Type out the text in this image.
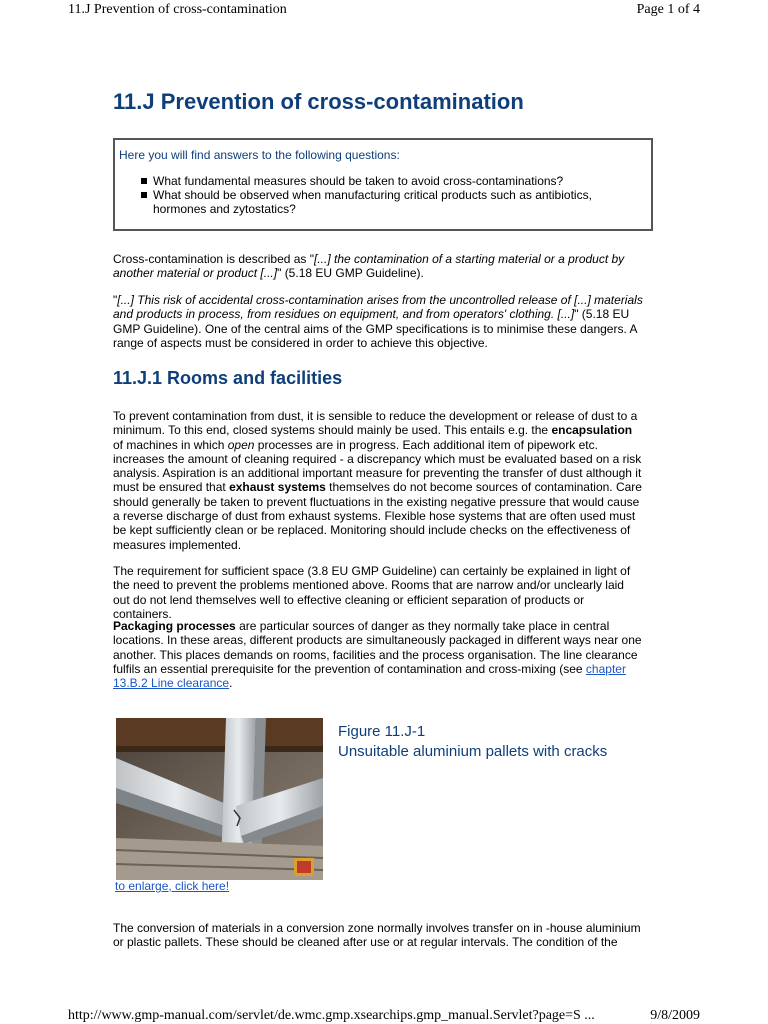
11.J Prevention of cross-contamination	Page 1 of 4
11.J Prevention of cross-contamination
Here you will find answers to the following questions:
What fundamental measures should be taken to avoid cross-contaminations?
What should be observed when manufacturing critical products such as antibiotics, hormones and zytostatics?

Cross-contamination is described as "[...] the contamination of a starting material or a product by another material or product [...]" (5.18 EU GMP Guideline).

"[...] This risk of accidental cross-contamination arises from the uncontrolled release of [...] materials and products in process, from residues on equipment, and from operators' clothing. [...]" (5.18 EU GMP Guideline). One of the central aims of the GMP specifications is to minimise these dangers. A range of aspects must be considered in order to achieve this objective.

11.J.1 Rooms and facilities

To prevent contamination from dust, it is sensible to reduce the development or release of dust to a minimum. To this end, closed systems should mainly be used. This entails e.g. the encapsulation of machines in which open processes are in progress. Each additional item of pipework etc. increases the amount of cleaning required - a discrepancy which must be evaluated based on a risk analysis. Aspiration is an additional important measure for preventing the transfer of dust although it must be ensured that exhaust systems themselves do not become sources of contamination. Care should generally be taken to prevent fluctuations in the existing negative pressure that would cause a reverse discharge of dust from exhaust systems. Flexible hose systems that are often used must be kept sufficiently clean or be replaced. Monitoring should include checks on the effectiveness of measures implemented.

The requirement for sufficient space (3.8 EU GMP Guideline) can certainly be explained in light of the need to prevent the problems mentioned above. Rooms that are narrow and/or unclearly laid out do not lend themselves well to effective cleaning or efficient separation of products or containers.

Packaging processes are particular sources of danger as they normally take place in central locations. In these areas, different products are simultaneously packaged in different ways near one another. This places demands on rooms, facilities and the process organisation. The line clearance fulfils an essential prerequisite for the prevention of contamination and cross-mixing (see chapter 13.B.2 Line clearance.

to enlarge, click here!
Figure 11.J-1
Unsuitable aluminium pallets with cracks

The conversion of materials in a conversion zone normally involves transfer on in -house aluminium or plastic pallets. These should be cleaned after use or at regular intervals. The condition of the

http://www.gmp-manual.com/servlet/de.wmc.gmp.xsearchips.gmp_manual.Servlet?page=S ...	9/8/2009
